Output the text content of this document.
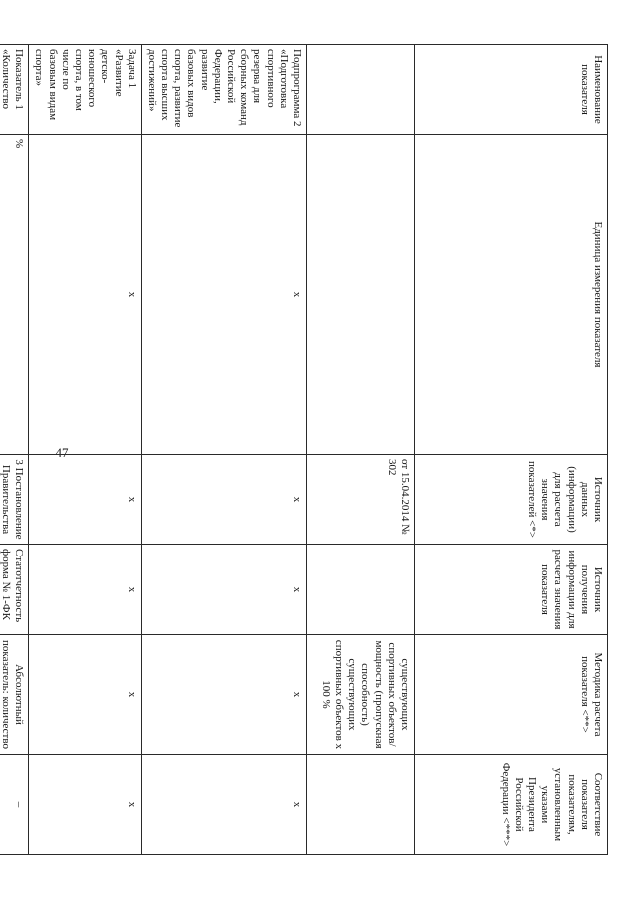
47
Наименование показателя	Единица измерения показателя	Источник данных (информации) для расчета значения показателей <*>	Источник получения информации для расчета значения показателя	Методика расчета показателя <**>	Соответствие показателя показателям, установленным указами Президента Российской Федерации <***>
		от 15.04.2014 № 302		существующих спортивных объектов/ мощность (пропускная способность) существующих спортивных объектов х 100 %	
Подпрограмма 2 «Подготовка спортивного резерва для сборных команд Российской Федерации, развитие базовых видов спорта, развитие спорта высших достижений»	х	х	х	х	х
Задача 1 «Развитие детско-юношеского спорта, в том числе по базовым видам спорта»	х	х	х	х	х
Показатель 1 «Количество	%	3 Постановление Правительства	Статотчетность форма № 1-ФК	Абсолютный показатель: количество	–
